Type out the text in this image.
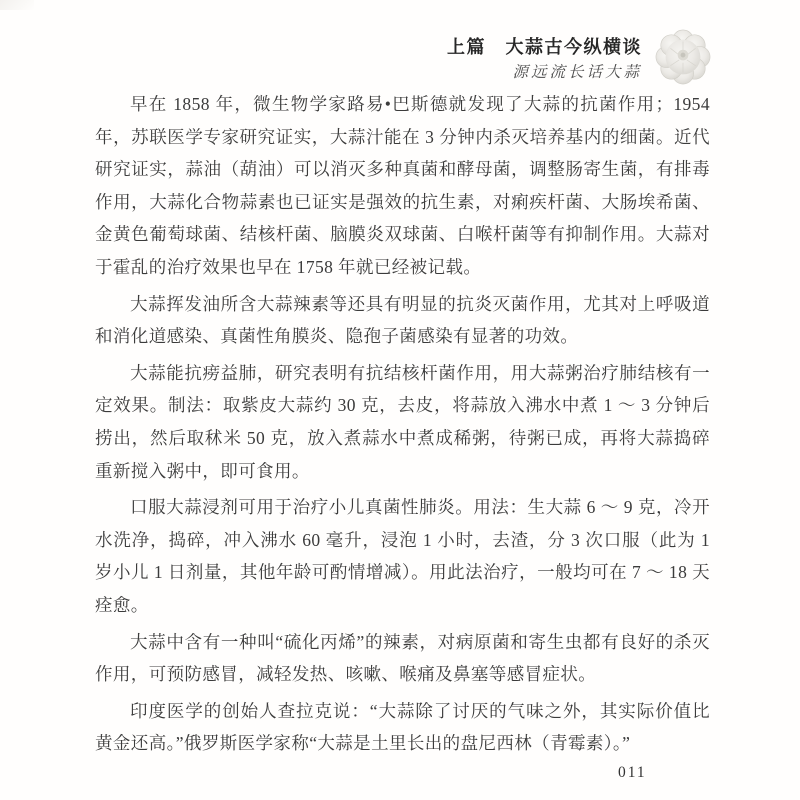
上篇　大蒜古今纵横谈
源远流长话大蒜

早在 1858 年，微生物学家路易•巴斯德就发现了大蒜的抗菌作用；1954 年，苏联医学专家研究证实，大蒜汁能在 3 分钟内杀灭培养基内的细菌。近代研究证实，蒜油（葫油）可以消灭多种真菌和酵母菌，调整肠寄生菌，有排毒作用，大蒜化合物蒜素也已证实是强效的抗生素，对痢疾杆菌、大肠埃希菌、金黄色葡萄球菌、结核杆菌、脑膜炎双球菌、白喉杆菌等有抑制作用。大蒜对于霍乱的治疗效果也早在 1758 年就已经被记载。

大蒜挥发油所含大蒜辣素等还具有明显的抗炎灭菌作用，尤其对上呼吸道和消化道感染、真菌性角膜炎、隐孢子菌感染有显著的功效。

大蒜能抗痨益肺，研究表明有抗结核杆菌作用，用大蒜粥治疗肺结核有一定效果。制法：取紫皮大蒜约 30 克，去皮，将蒜放入沸水中煮 1 ～ 3 分钟后捞出，然后取秫米 50 克，放入煮蒜水中煮成稀粥，待粥已成，再将大蒜捣碎重新搅入粥中，即可食用。

口服大蒜浸剂可用于治疗小儿真菌性肺炎。用法：生大蒜 6 ～ 9 克，冷开水洗净，捣碎，冲入沸水 60 毫升，浸泡 1 小时，去渣，分 3 次口服（此为 1 岁小儿 1 日剂量，其他年龄可酌情增减）。用此法治疗，一般均可在 7 ～ 18 天痊愈。

大蒜中含有一种叫“硫化丙烯”的辣素，对病原菌和寄生虫都有良好的杀灭作用，可预防感冒，减轻发热、咳嗽、喉痛及鼻塞等感冒症状。

印度医学的创始人查拉克说：“大蒜除了讨厌的气味之外，其实际价值比黄金还高。”俄罗斯医学家称“大蒜是土里长出的盘尼西林（青霉素）。”

011
